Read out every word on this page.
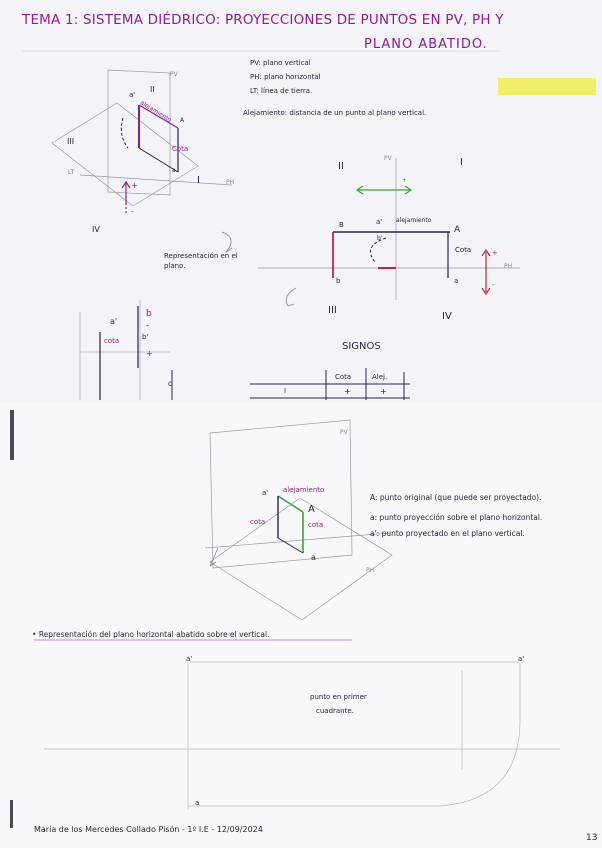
TEMA 1: SISTEMA DIÉDRICO: PROYECCIONES DE PUNTOS EN PV, PH Y
PLANO ABATIDO.
PV: plano vertical
PH: plano horizontal
LT: línea de tierra.
Alejamiento: distancia de un punto al plano vertical.
PV
II
a'
alejamiento A
III
Cota
a
LT
I	PH
+
-
IV
Representación en el plano.
II
PV	I
+
B	a' alejamiento
A
b'
Cota	+
PH
b	a	-
III
IV
a'
b
-
cota	b'
+
d
SIGNOS
Cota	Alej.
I	+	+
PV
a' alejamiento
A
cota	cota
a
PH
A: punto original (que puede ser proyectado).
a: punto proyección sobre el plano horizontal.
a': punto proyectado en el plano vertical.
• Representación del plano horizontal abatido sobre el vertical.
a'	a'
punto en primer
cuadrante.
a
María de los Mercedes Collado Pisón - 1º I.E - 12/09/2024
13
